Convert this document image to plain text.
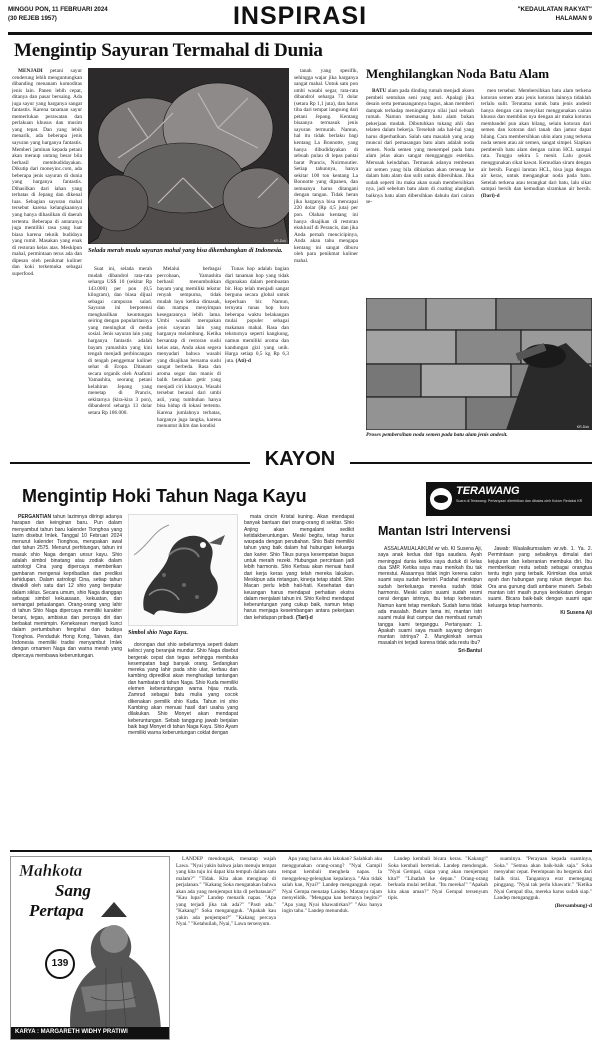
MINGGU PON, 11 FEBRUARI 2024
(30 REJEB 1957)	INSPIRASI	"KEDAULATAN RAKYAT"
HALAMAN 9
Mengintip Sayuran Termahal di Dunia

MENJADI petani sayur cenderung lebih menguntungkan dibanding menanam komoditas jenis lain. Panen lebih cepat, ditanya dan pasar bersaing. Ada juga sayur yang harganya sangat fantastis. Karena tanaman sayur memerlukan perawatan dan perlakuan khusus dan musim yang tepat. Dan yang lebih menarik, ada beberapa jenis sayuran yang harganya fantastis. Memberi jaminan kepada petani akan meraup untung besar bila berhasil membudidayakan. Dikutip dari moneyinc.com, ada beberapa jenis sayuran di dunia yang harganya fantastis. Dihasilkan dari lahan yang terbatas di Jepang dan dikenal luas. Sebagian sayuran mahal tersebut karena kelangkaannya yang hanya dihasilkan di daerah tertentu. Beberapa di antaranya juga memiliki rasa yang luar biasa karena teknik budidaya yang rumit. Masakan yang enak di restoran kelas atas. Meskipun mahal, permintaan terus ada dan dipesan oleh penikmat kuliner dan koki terkemuka sebagai superfood.

KR-Dok
Selada merah muda sayuran mahal yang bisa dikembangkan di Indonesia.

Suat ini, selada merah mudah dibandrol rata-rata seharga US$ 10 (sekitar Rp 143.000) per pon (0,5 kilogram), dan biasa dijual sebagai campuran salad. Sayuran ini berpotensi menghasilkan keuntungan seiring dengan popularitasnya yang meningkat di media sosial. Jenis sayuran lain yang harganya fantastis adalah bayam yamashita yang kini tengah menjadi perbincangan di tengah penggemar kuliner sehat di Eropa. Ditanam secara organik oleh Asafumi Yamashita, seorang petani kelahiran Jepang yang menetap di Prancis, sekitarnya (kira-kira 3 pon), dibanderol seharga 13 dolar setara Rp 186.000.

Melalui berbagai percobaan, Yamashita berhasil menumbuhkan bayam yang memiliki tekstur renyah sempurna, tidak mudah layu ketika dimasak, dan mampu menyimpan kesegarannya lebih lama. Umbi wasabi merupakan jenis sayuran lain yang harganya melambung. Ketika bersantap di restoran sushi kelas atas, Anda akan segera menyadari bahwa wasabi yang disajikan bersama sushi sangat berbeda. Rasa dan aroma segar dan manis di balik bentukan getir yang menjadi ciri khasnya. Wasabi tersebut berasal dari umbi asli, yang tumbuhan hanya bisa hidup di lokasi tertentu. Karena jumlahnya terbatas, harganya juga langka, karena menuntut iklim dan kondisi

tanah yang spesifik, sehingga wajar jika harganya sangat mahal. Untuk satu pon umbi wasabi segar, rata-rata dibandrol seharga 73 dolar (setara Rp 1,1 juta), dan harus tiba dari tempat langsung dari petani Jepang. Kentang bisaanya termasuk jenis sayuran termurah. Namun, hal itu tidak berlaku bagi kentang La Bonnotte, yang hanya dibudidayakan di sebuah pulau di lepas pantai barat Prancis, Noirmoutier. Setiap tahunnya, hanya sekitar 100 ton kentang La Bonnotte yang dipanen, dan semuanya harus ditangani dengan tangan. Tidak heran jika harganya bisa mencapai 220 dolar (Rp 4,5 juta) per pon. Olahan kentang ini hanya disajikan di restoran eksklusif di Perancis, dan jika Anda pernah mencicipinya, Anda akan tahu mengapa kentang ini sangat diburu oleh para penikmat kuliner mahal.

Tunas hop adalah bagian dari tanaman hop yang tidak digunakan dalam pembuatan bir. Hop telah menjadi sangat berguna secara global untuk keperluan bir. Namun, ternyata tunas hop baru beberapa waktu belakangan mulai populer sebagai makanan mahal. Rasa dan teksturnya seperti kangkung, namun memiliki aroma dan kandungan gizi yang unik. Harga setiap 0,5 kg Rp 6,3 juta. (Ati)-d

Menghilangkan Noda Batu Alam

BATU alam pada dinding rumah menjadi aksen pembeli sentuhan seni yang asri. Apalagi jika desain serta pemasangannya bagus, akan memberi dampak terhadap meningkatnya nilai jual sebuah rumah. Namun memasang batu alam bukan pekerjaan mudah. Dibutuhkan tukang ahli dan telaten dalam bekerja. Tersebab ada hal-hal yang harus diperhatikan. Salah satu masalah yang acap muncul dari pemasangan batu alam adalah noda semen. Noda semen yang menempel pada batu alam jelas akan sangat mengganggu estetika. Merusak keindahan. Termasuk adanya rembesan air semen yang bila dibiarkan akan tersesap ke dalam batu alam dan sulit untuk dibersihkan. Jika sudah seperti itu maka akan susah membersihkan nya, jadi sebelum batu alam di coating alangkah baiknya batu alam dibersihkan dahulu dari cairan se-

men tersebut. Membersihkan batu alam terkena kotoran semen atau jenis kotoran lainnya tidaklah terlalu sulit. Terutama untuk batu jenis andesit hanya dengan cara menyikat menggunakan cairan khusus dan membilas nya dengan air maka kotoran membandel pun akan hilang, selain kotoran dari semen dan kotoran dari tanah dan jamur dapat hilang. Cara membersihkan ubin alam yang terkena noda semen atau air semen, sangat simpel. Siapkan pembersih batu alam dengan cairan HCL sampai rata. Tunggu sekira 5 menit. Lalu gosok menggunakan sikat kawat. Kemudian siram dengan air bersih. Fungsi larutan HCL, bisa juga dengan air keras, untuk mengangkat noda pada batu. Setelah terkena atau terangkat dari batu, lalu sikat sampai bersih dan kemudian siramkan air bersih. (Dari)-d

KR-Dok
Proses pembersihan noda semen pada batu alam jenis andesit.
KAYON
Mengintip Hoki Tahun Naga Kayu

PERGANTIAN tahun lazimnya diiringi adanya harapan dan keinginan baru. Pun dalam menyambut tahun baru kalender Tionghoa yang lazim disebut Imlek. Tanggal 10 Februari 2024 menurut kalender Tionghoa, merupakan awal dari tahun 2575. Menurut perhitungan, tahun ini masuk shio Naga dengan unsur kayu. Shio adalah simbol binatang atau zodiak dalam astrologi Cina yang dipercaya memberikan gambaran mengenai kepribadian dan prediksi kehidupan. Dalam astrologi Cina, setiap tahun diwakili oleh satu dari 12 shio yang berputar dalam siklus. Secara umum, shio Naga dianggap sebagai simbol kekuasaan, kekuatan, dan semangat petualangan. Orang-orang yang lahir di tahun Shio Naga dipercaya memiliki karakter berani, tegas, ambisius dan percaya diri dan berbakat memimpin. Kenekarean menjadi kunci dalam pertumbuhan fengshui dan budaya Tionghoa. Penduduk Hong Kong, Taiwan, dan Indonesia memiliki tradisi menyambut Imlek dengan ornamen Naga dan warna merah yang dipercaya membawa keberuntungan.

Simbol shio Naga Kayu.

dorongan dari shio sebelumnya seperti dalam kelinci yang beranjak mundur. Shio Naga disebut bergerak cepat dan tegas sehingga membuka kesempatan bagi banyak orang. Sedangkan mereka yang lahir pada shio ular, kerbau dan kambing diprediksi akan menghadapi tantangan dan hambatan di tahun Naga. Shio Kuda memiliki elemen keberuntungan warna hijau muda. Zamrud sebagai batu mulia yang cocok dikenakan pemilik shio Kuda. Tahun ini shio Kambing akan menuai hasil dari usaha yang dilakukan. Shio Monyet akan mendapat keberuntungan. Sebab tanggung jawab berjalan baik bagi Monyet di tahun Naga Kayu. Shio Ayam memiliki warna keberuntungan coklat dengan

mata cincin Kristal kuning. Akan mendapat banyak bantuan dari orang-orang di sekitar. Shio Anjing akan mengalami sedikit ketidakberuntungan. Meski begitu, tetap harus waspada dengan perubahan. Shio Babi memiliki tahun yang baik dalam hal hubungan keluarga dan karier. Shio Tikus punya kesempatan bagus untuk meraih rezeki. Hubungan percintaan jadi lebih harmonis. Shio Kerbau akan menuai hasil dari kerja keras yang telah mereka lakukan. Meskipun ada rintangan, kinerja tetap stabil. Shio Macan perlu lebih hati-hati. Kesehatan dan keuangan harus mendapat perhatian ekstra dalam menjalani tahun ini. Shio Kelinci mendapat keberuntungan yang cukup baik, namun tetap harus menjaga keseimbangan antara pekerjaan dan kehidupan pribadi. (Tari)-d

TERAWANG
Suara di Terawang: Pertanyaan diterbitkan dan dibalas oleh Kolom Redaksi KR
Mantan Istri Intervensi

ASSALAMUALAIKUM wr wb. KI Susena Aji, saya anak kedua dari tiga saudara. Ayah meninggal dunia ketika saya duduk di kelas dua SMP. Ketika saya mau menikah ibu tak merestui. Alasannya tidak ingin kerena calon suami saya sudah beristri. Padahal meskipun sudah berkeluarga mereka sudah tidak harmonis. Meski calon suami sudah resmi cerai dengan istrinya, ibu tetap keberatan. Namun kami tetap menikah. Sudah lama tidak ada masalah. Belum lama ini, mantan istri suami mulai ikut campur dan membuat rumah tangga kami terganggu. Pertanyaan: 1. Apakah suami saya masih sayang dengan mantan istrinya? 2. Mungkinkah semua masalah ini terjadi karena tidak ada restu ibu?

Sri-Bantul

Jawab: Waalaikumsalam wr.wb. 1. Ya. 2. Permintaan yang sebaiknya dimulai dari kejujuran dan keberanian membuka diri. Ibu memberikan restu sebab sebagai orangtua tentu ingin yang terbaik. Kirimkan doa untuk ayah dan hubungan yang rukun dengan ibu. Ora ana gunung dadi ambane maneh. Sebab mantan istri masih punya kedekatan dengan suami. Bicara baik-baik dengan suami agar keluarga tetap harmonis.

Ki Susena Aji
Mahkota
Sang
Pertapa
139
KARYA : MARGARETH WIDHY PRATIWI

LANDEP mendongak, menatap wajah Lawa. "Nyai yakin bahwa jalan menuju tempat yang kita tuju ini dapat kita tempuh dalam satu malam?" "Tidak. Kita akan menginap di perjalanan." "Kakang Soka mengatakan bahwa akan ada yang menjemput kita di perbatasan?" "Kau lupa?" Landep menarik napas. "Apa yang terjadi jika tak ada?" "Pasti ada." "Kakang!" Soka mengangguk. "Apakah kau yakin ada penjemput?" "Kakang percaya Nyai." "Ketahuilah, Nyai," Lawa tersenyum.

Apa yang harus aku lakukan? Salahkah aku menggunakan orang-orang? "Nyai Gampil tempat kembali menghela napas. Ia menggeleng-gelengkan kepalanya. "Aku tidak salah kan, Nyai?" Landep mengangguk cepat. Nyai Gempa menatap Landep. Matanya tajam menyelidik. "Mengapa kau bertanya begitu?" "Apa yang Nyai khawatirkan?" "Aku hanya ingin tahu." Landep menunduk.

Landep kembali bicara keras. "Kakang!" Soka kembali berteriak. Landep mendongak. "Nyai Gempal, siapa yang akan menjemput kita?" "Lihatlah ke depan." Orang-orang berkuda mulai terlihat. "Itu mereka!" "Apakah kita akan aman?" Nyai Gempal tersenyum tipis.

suaminya. "Perayaan kepada suaminya, Soka." "Semua akan baik-baik saja." Soka menyahut cepat. Perempuan itu bergerak dari balik tirai. Tangannya erat memegang pinggang. "Nyai tak perlu khawatir." "Ketika Nyai Gempal tiba, mereka harus sudah siap." Landep mengangguk.

(Bersambung)-d
